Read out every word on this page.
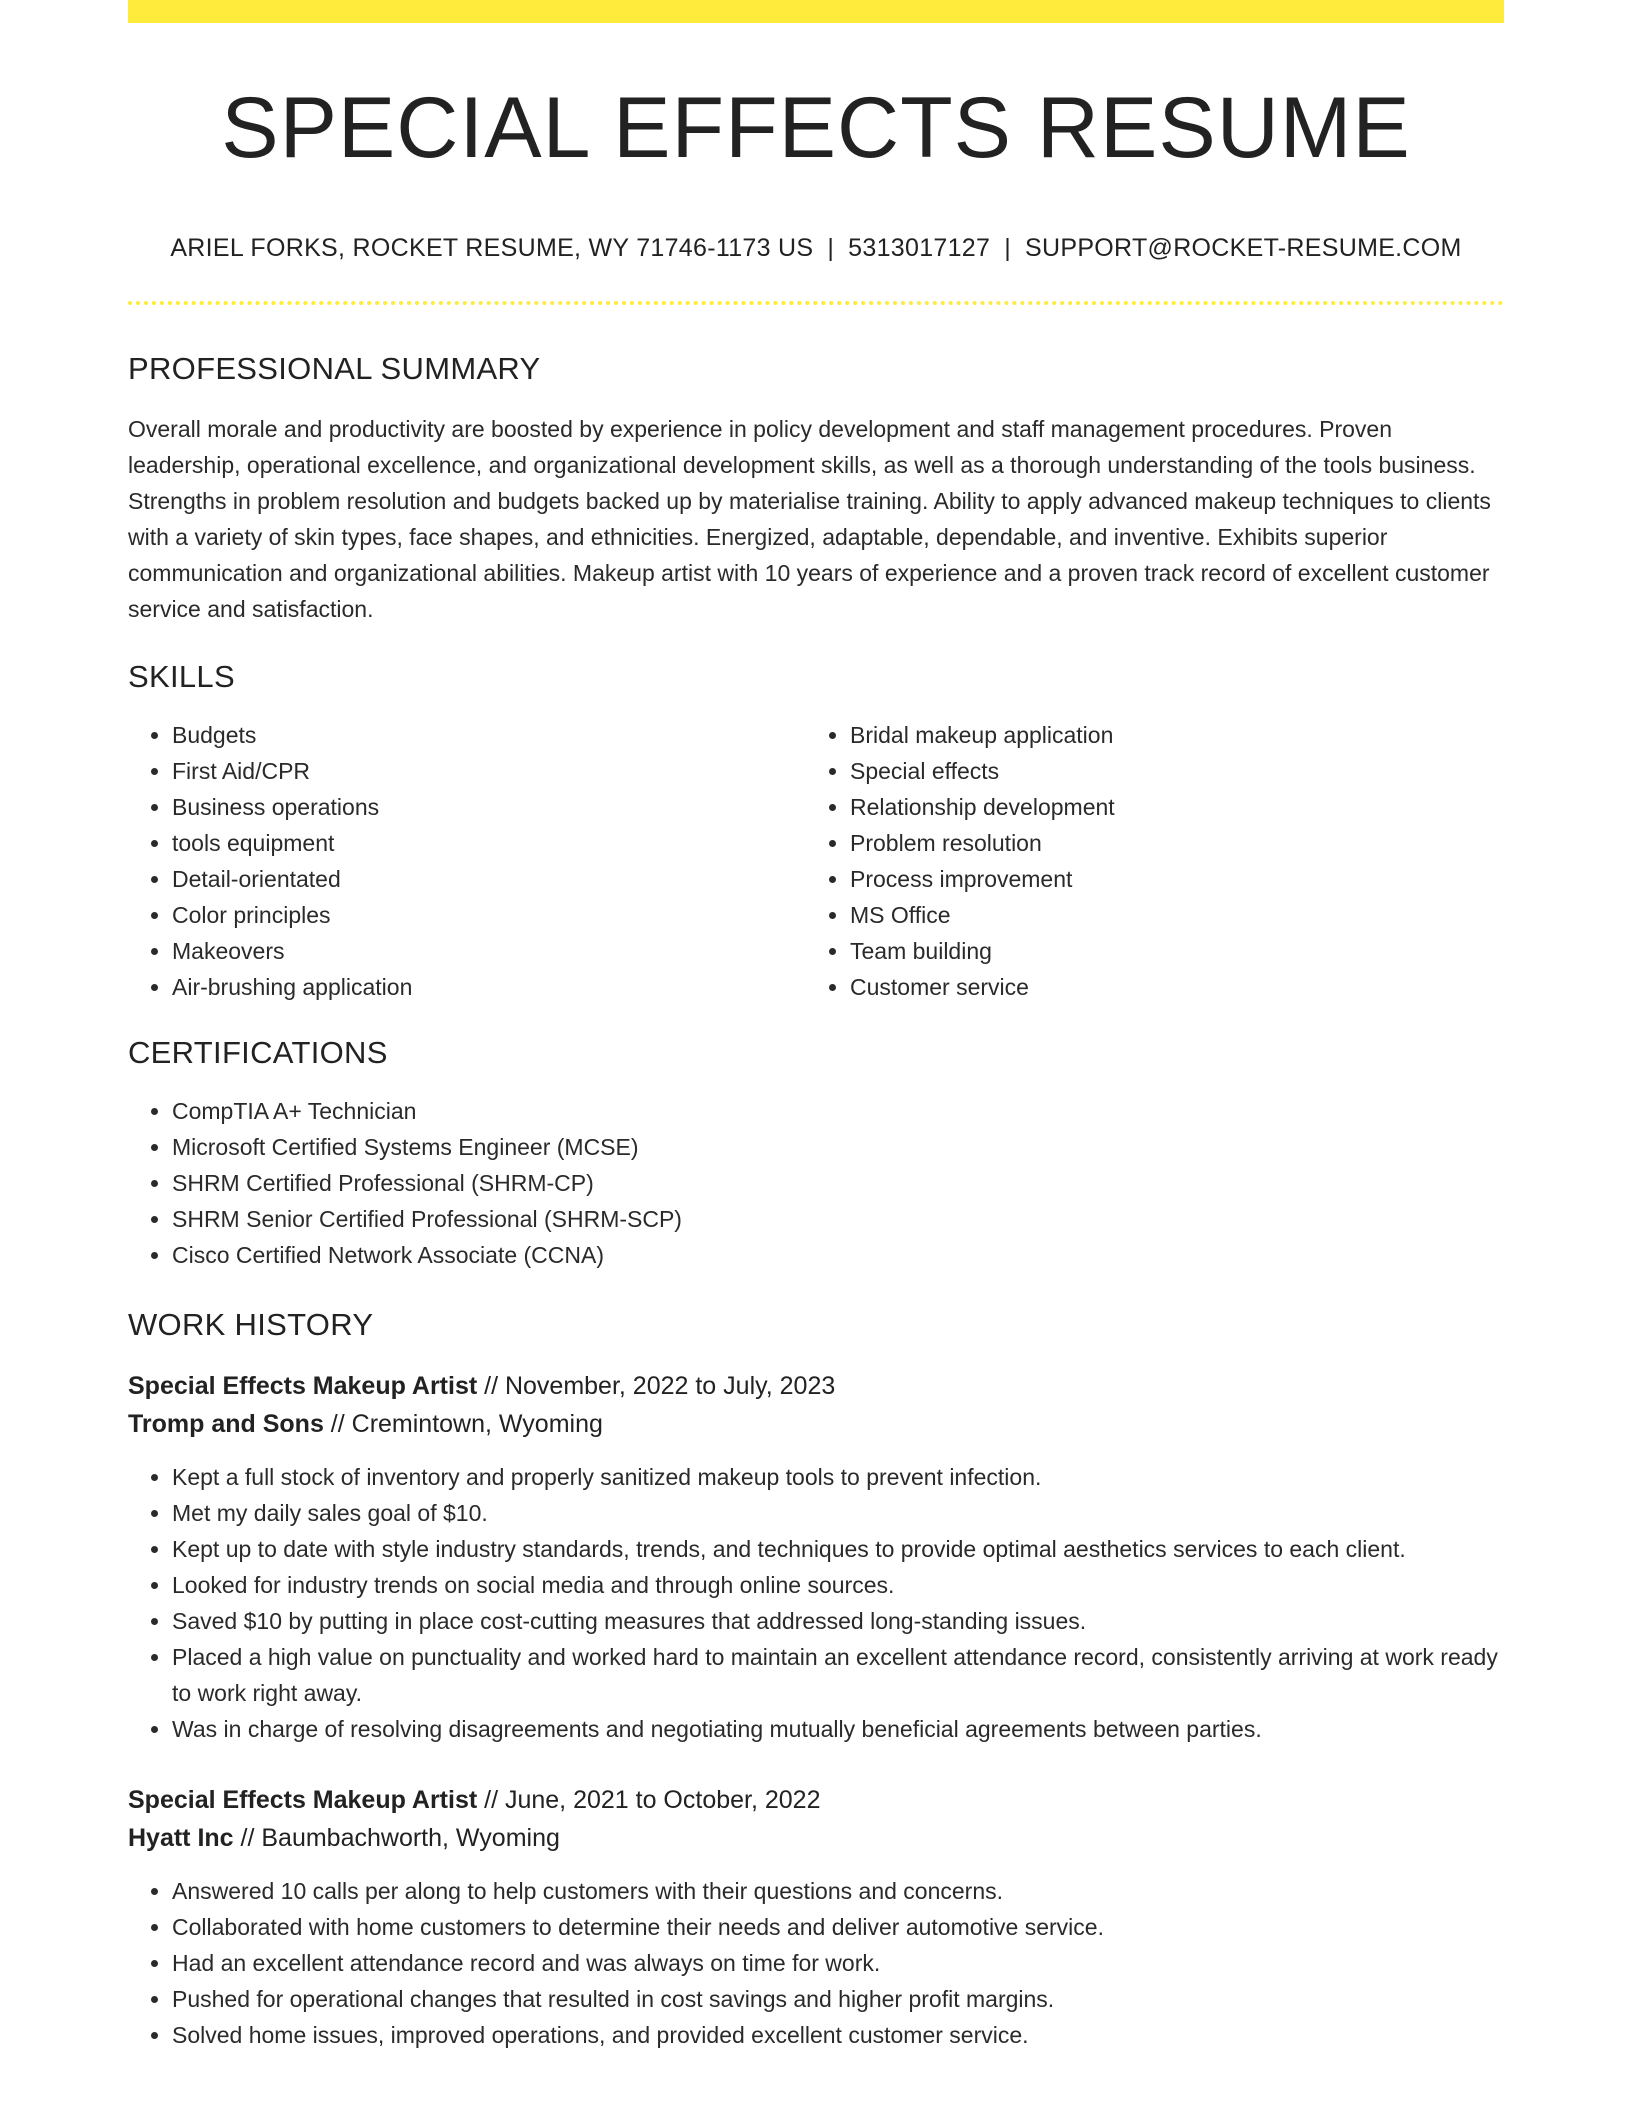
SPECIAL EFFECTS RESUME
ARIEL FORKS, ROCKET RESUME, WY 71746-1173 US | 5313017127 | SUPPORT@ROCKET-RESUME.COM
PROFESSIONAL SUMMARY

Overall morale and productivity are boosted by experience in policy development and staff management procedures. Proven leadership, operational excellence, and organizational development skills, as well as a thorough understanding of the tools business. Strengths in problem resolution and budgets backed up by materialise training. Ability to apply advanced makeup techniques to clients with a variety of skin types, face shapes, and ethnicities. Energized, adaptable, dependable, and inventive. Exhibits superior communication and organizational abilities. Makeup artist with 10 years of experience and a proven track record of excellent customer service and satisfaction.

SKILLS
• Budgets
• First Aid/CPR
• Business operations
• tools equipment
• Detail-orientated
• Color principles
• Makeovers
• Air-brushing application
• Bridal makeup application
• Special effects
• Relationship development
• Problem resolution
• Process improvement
• MS Office
• Team building
• Customer service
CERTIFICATIONS
• CompTIA A+ Technician
• Microsoft Certified Systems Engineer (MCSE)
• SHRM Certified Professional (SHRM-CP)
• SHRM Senior Certified Professional (SHRM-SCP)
• Cisco Certified Network Associate (CCNA)
WORK HISTORY
Special Effects Makeup Artist // November, 2022 to July, 2023
Tromp and Sons // Cremintown, Wyoming
• Kept a full stock of inventory and properly sanitized makeup tools to prevent infection.
• Met my daily sales goal of $10.
• Kept up to date with style industry standards, trends, and techniques to provide optimal aesthetics services to each client.
• Looked for industry trends on social media and through online sources.
• Saved $10 by putting in place cost-cutting measures that addressed long-standing issues.
• Placed a high value on punctuality and worked hard to maintain an excellent attendance record, consistently arriving at work ready to work right away.
• Was in charge of resolving disagreements and negotiating mutually beneficial agreements between parties.
Special Effects Makeup Artist // June, 2021 to October, 2022
Hyatt Inc // Baumbachworth, Wyoming
• Answered 10 calls per along to help customers with their questions and concerns.
• Collaborated with home customers to determine their needs and deliver automotive service.
• Had an excellent attendance record and was always on time for work.
• Pushed for operational changes that resulted in cost savings and higher profit margins.
• Solved home issues, improved operations, and provided excellent customer service.
